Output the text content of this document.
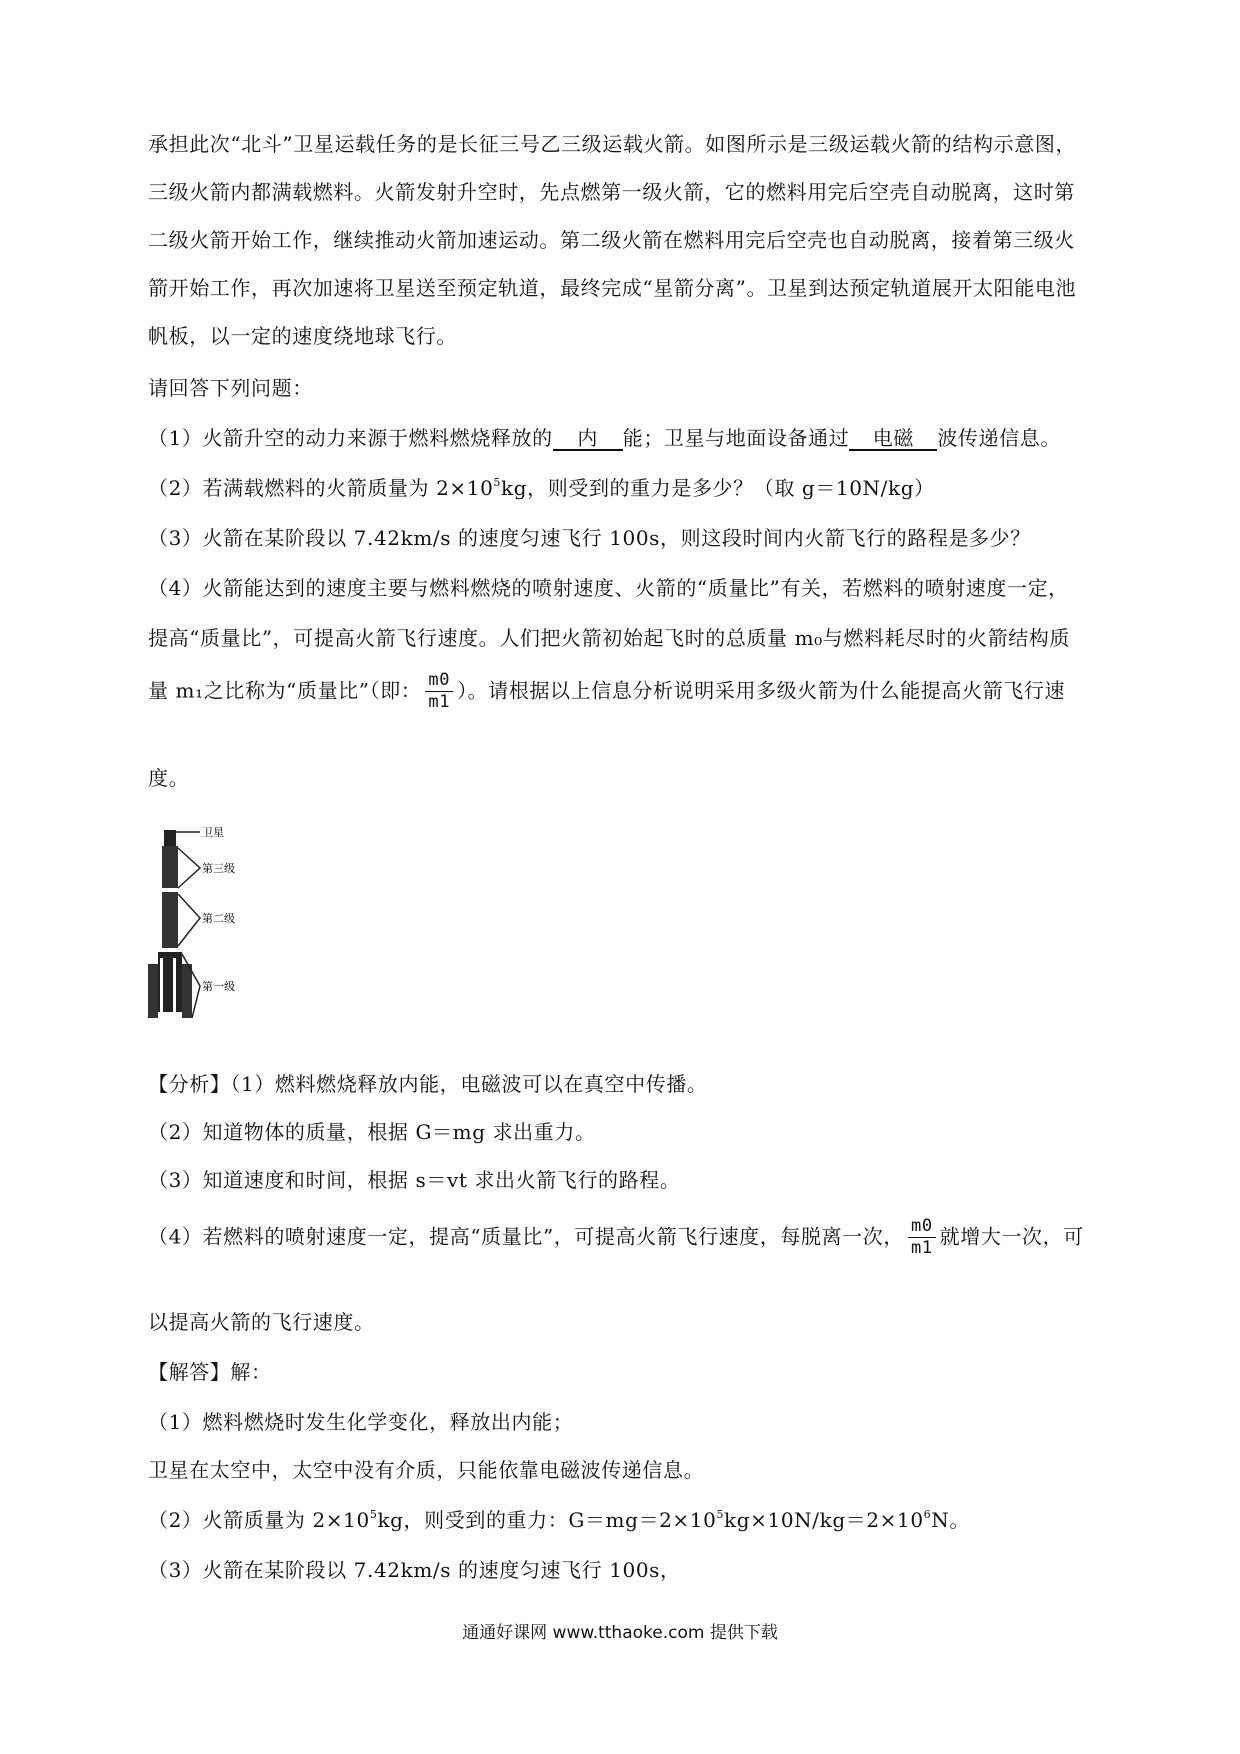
承担此次“北斗”卫星运载任务的是长征三号乙三级运载火箭。如图所示是三级运载火箭的结构示意图，
三级火箭内都满载燃料。火箭发射升空时，先点燃第一级火箭，它的燃料用完后空壳自动脱离，这时第
二级火箭开始工作，继续推动火箭加速运动。第二级火箭在燃料用完后空壳也自动脱离，接着第三级火
箭开始工作，再次加速将卫星送至预定轨道，最终完成“星箭分离”。卫星到达预定轨道展开太阳能电池
帆板，以一定的速度绕地球飞行。
请回答下列问题：
（1）火箭升空的动力来源于燃料燃烧释放的 内 能；卫星与地面设备通过 电磁 波传递信息。
（2）若满载燃料的火箭质量为 $2\times 10^5kg$，则受到的重力是多少？（取 g＝10N/kg）
（3）火箭在某阶段以 7.42km/s 的速度匀速飞行 100s，则这段时间内火箭飞行的路程是多少？
（4）火箭能达到的速度主要与燃料燃烧的喷射速度、火箭的“质量比”有关，若燃料的喷射速度一定，
提高“质量比”，可提高火箭飞行速度。人们把火箭初始起飞时的总质量 m₀与燃料耗尽时的火箭结构质
量 m₁之比称为“质量比”（即： $\frac{m0}{m1}$ ）。请根据以上信息分析说明采用多级火箭为什么能提高火箭飞行速
度。
卫星
第三级
第二级
第一级
【分析】（1）燃料燃烧释放内能，电磁波可以在真空中传播。
（2）知道物体的质量，根据 G＝mg 求出重力。
（3）知道速度和时间，根据 s＝vt 求出火箭飞行的路程。
（4）若燃料的喷射速度一定，提高“质量比”，可提高火箭飞行速度，每脱离一次， $\frac{m0}{m1}$ 就增大一次，可
以提高火箭的飞行速度。
【解答】解：
（1）燃料燃烧时发生化学变化，释放出内能；
卫星在太空中，太空中没有介质，只能依靠电磁波传递信息。
（2）火箭质量为 $2\times 10^5kg$，则受到的重力：$G=mg=2\times 10^5kg\times 10N/kg=2\times 10^6N$。
（3）火箭在某阶段以 7.42km/s 的速度匀速飞行 100s，
通通好课网 www.tthaoke.com 提供下载
